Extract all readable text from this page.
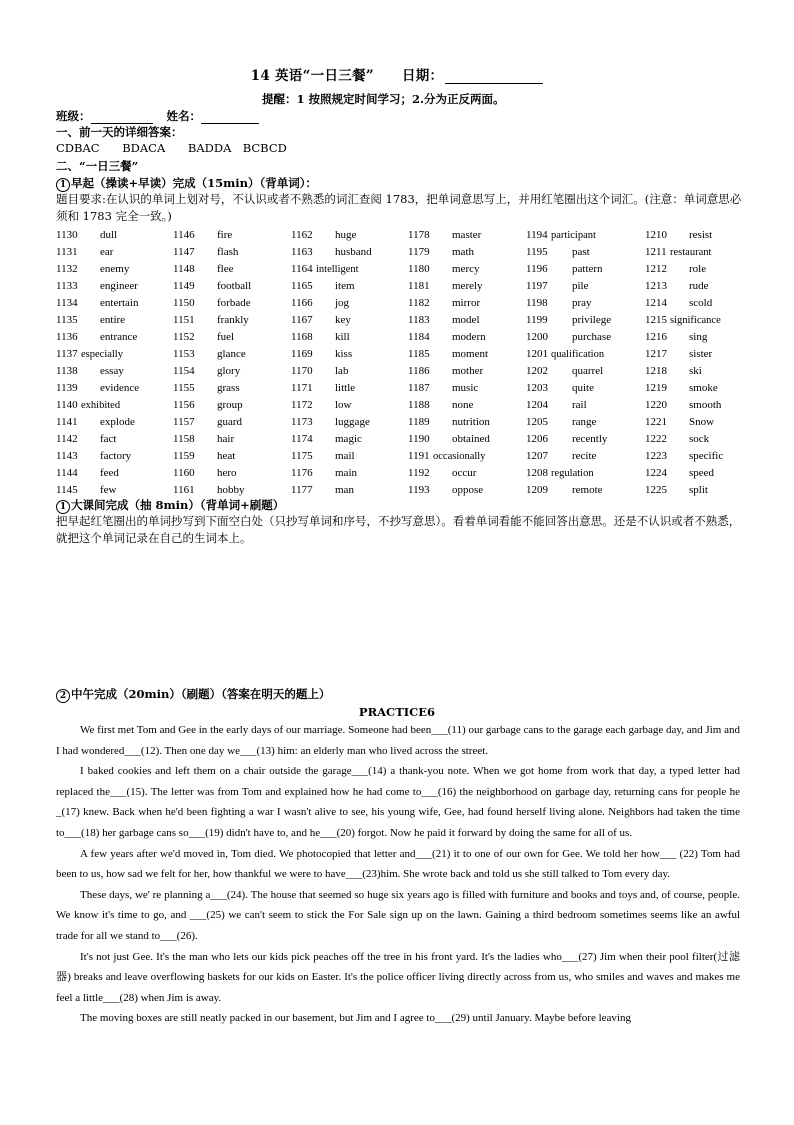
14 英语“一日三餐” 日期：
提醒：1 按照规定时间学习；2.分为正反两面。
班级：	姓名：
一、前一天的详细答案：
CDBAC    BDACA    BADDA  BCBCD
二、“一日三餐”
1 早起（操读+早读）完成（15min）（背单词）：
题目要求:在认识的单词上划对号，不认识或者不熟悉的词汇查阅 1783，把单词意思写上，并用红笔圈出这个词汇。(注意：单词意思必须和 1783 完全一致。)
1130 dull	1146 fire	1162 huge	1178 master	1194 participant	1210 resist
1131 ear	1147 flash	1163 husband	1179 math	1195 past	1211 restaurant
1132 enemy	1148 flee	1164 intelligent	1180 mercy	1196 pattern	1212 role
1133 engineer	1149 football	1165 item	1181 merely	1197 pile	1213 rude
1134 entertain	1150 forbade	1166 jog	1182 mirror	1198 pray	1214 scold
1135 entire	1151 frankly	1167 key	1183 model	1199 privilege	1215 significance
1136 entrance	1152 fuel	1168 kill	1184 modern	1200 purchase	1216 sing
1137 especially	1153 glance	1169 kiss	1185 moment	1201 qualification	1217 sister
1138 essay	1154 glory	1170 lab	1186 mother	1202 quarrel	1218 ski
1139 evidence	1155 grass	1171 little	1187 music	1203 quite	1219 smoke
1140 exhibited	1156 group	1172 low	1188 none	1204 rail	1220 smooth
1141 explode	1157 guard	1173 luggage	1189 nutrition	1205 range	1221 Snow
1142 fact	1158 hair	1174 magic	1190 obtained	1206 recently	1222 sock
1143 factory	1159 heat	1175 mail	1191 occasionally	1207 recite	1223 specific
1144 feed	1160 hero	1176 main	1192 occur	1208 regulation	1224 speed
1145 few	1161 hobby	1177 man	1193 oppose	1209 remote	1225 split
1 大课间完成（抽 8min）（背单词+刷题）
把早起红笔圈出的单词抄写到下面空白处（只抄写单词和序号，不抄写意思）。看着单词看能不能回答出意思。还是不认识或者不熟悉，就把这个单词记录在自己的生词本上。
2 中午完成（20min）（刷题）（答案在明天的题上）
PRACTICE6

We first met Tom and Gee in the early days of our marriage. Someone had been___(11) our garbage cans to the garage each garbage day, and Jim and I had wondered___(12). Then one day we___(13) him: an elderly man who lived across the street.

I baked cookies and left them on a chair outside the garage___(14) a thank-you note. When we got home from work that day, a typed letter had replaced the___(15). The letter was from Tom and explained how he had come to___(16) the neighborhood on garbage day, returning cans for people he _(17) knew. Back when he'd been fighting a war I wasn't alive to see, his young wife, Gee, had found herself living alone. Neighbors had taken the time to___(18) her garbage cans so___(19) didn't have to, and he___(20) forgot. Now he paid it forward by doing the same for all of us.

A few years after we'd moved in, Tom died. We photocopied that letter and___(21) it to one of our own for Gee. We told her how___ (22) Tom had been to us, how sad we felt for her, how thankful we were to have___(23)him. She wrote back and told us she still talked to Tom every day.

These days, we' re planning a___(24). The house that seemed so huge six years ago is filled with furniture and books and toys and, of course, people. We know it's time to go, and ___(25) we can't seem to stick the For Sale sign up on the lawn. Gaining a third bedroom sometimes seems like an awful trade for all we stand to___(26).

It's not just Gee. It's the man who lets our kids pick peaches off the tree in his front yard. It's the ladies who___(27) Jim when their pool filter(过滤器) breaks and leave overflowing baskets for our kids on Easter. It's the police officer living directly across from us, who smiles and waves and makes me feel a little___(28) when Jim is away.

The moving boxes are still neatly packed in our basement, but Jim and I agree to___(29) until January. Maybe before leaving
